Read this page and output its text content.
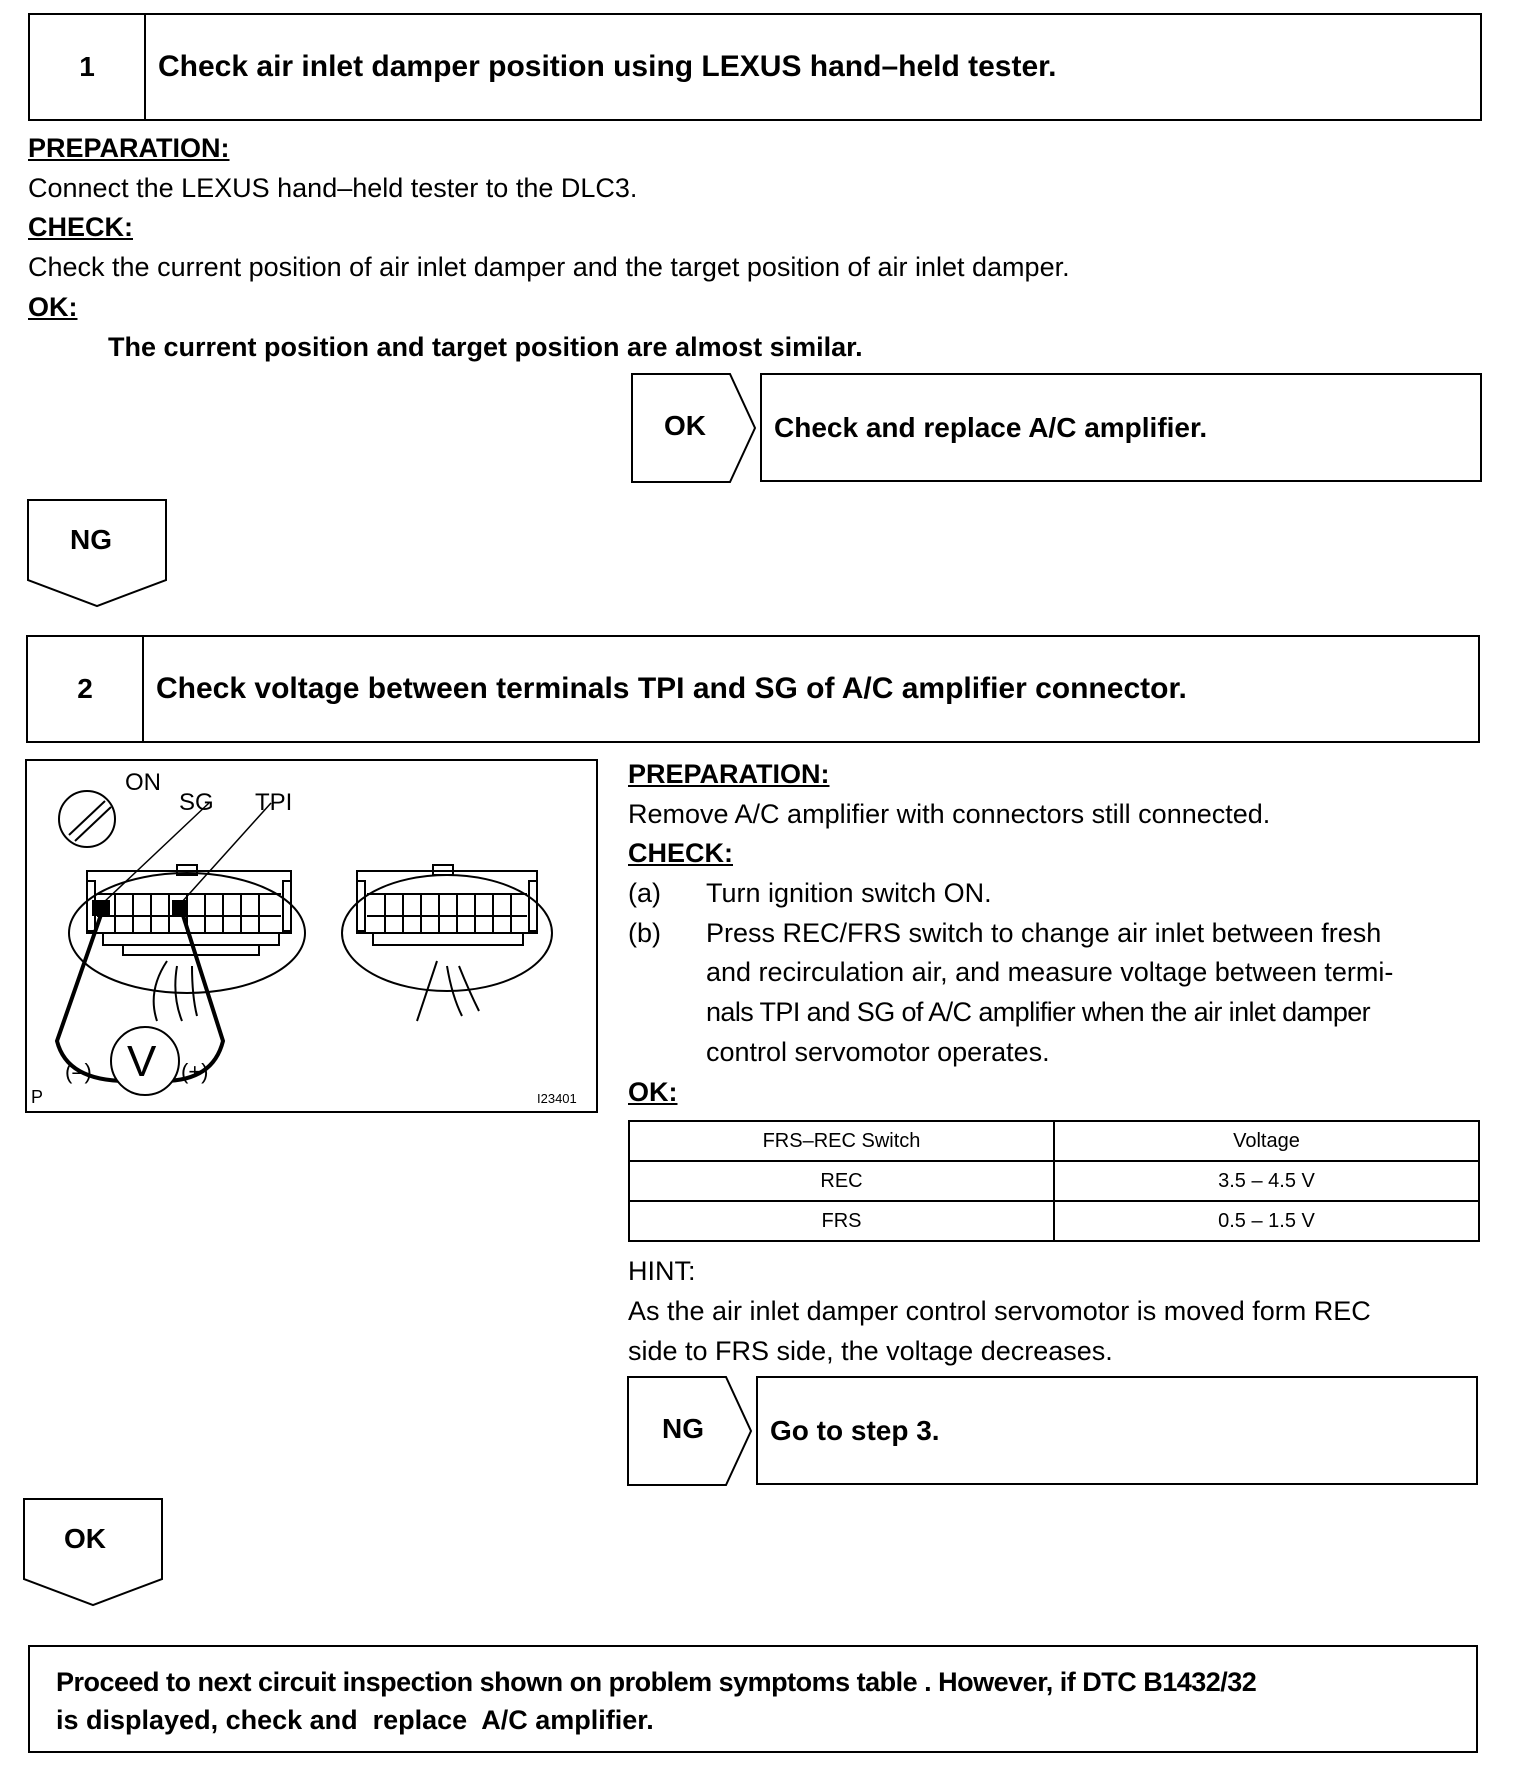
1	Check air inlet damper position using LEXUS hand–held tester.
PREPARATION:
Connect the LEXUS hand–held tester to the DLC3.
CHECK:
Check the current position of air inlet damper and the target position of air inlet damper.
OK:
The current position and target position are almost similar.
OK	Check and replace A/C amplifier.
NG
2	Check voltage between terminals TPI and SG of A/C amplifier connector.
ON
SG TPI
V
(–)	(+)
P	I23401
PREPARATION:
Remove A/C amplifier with connectors still connected.
CHECK:
(a) Turn ignition switch ON.
(b) Press REC/FRS switch to change air inlet between fresh
and recirculation air, and measure voltage between termi-
nals TPI and SG of A/C amplifier when the air inlet damper
control servomotor operates.
OK:
FRS–REC Switch	Voltage
REC	3.5 – 4.5 V
FRS	0.5 – 1.5 V
HINT:
As the air inlet damper control servomotor is moved form REC
side to FRS side, the voltage decreases.
NG	Go to step 3.
OK
Proceed to next circuit inspection shown on problem symptoms table . However, if DTC B1432/32
is displayed, check and  replace  A/C amplifier.
